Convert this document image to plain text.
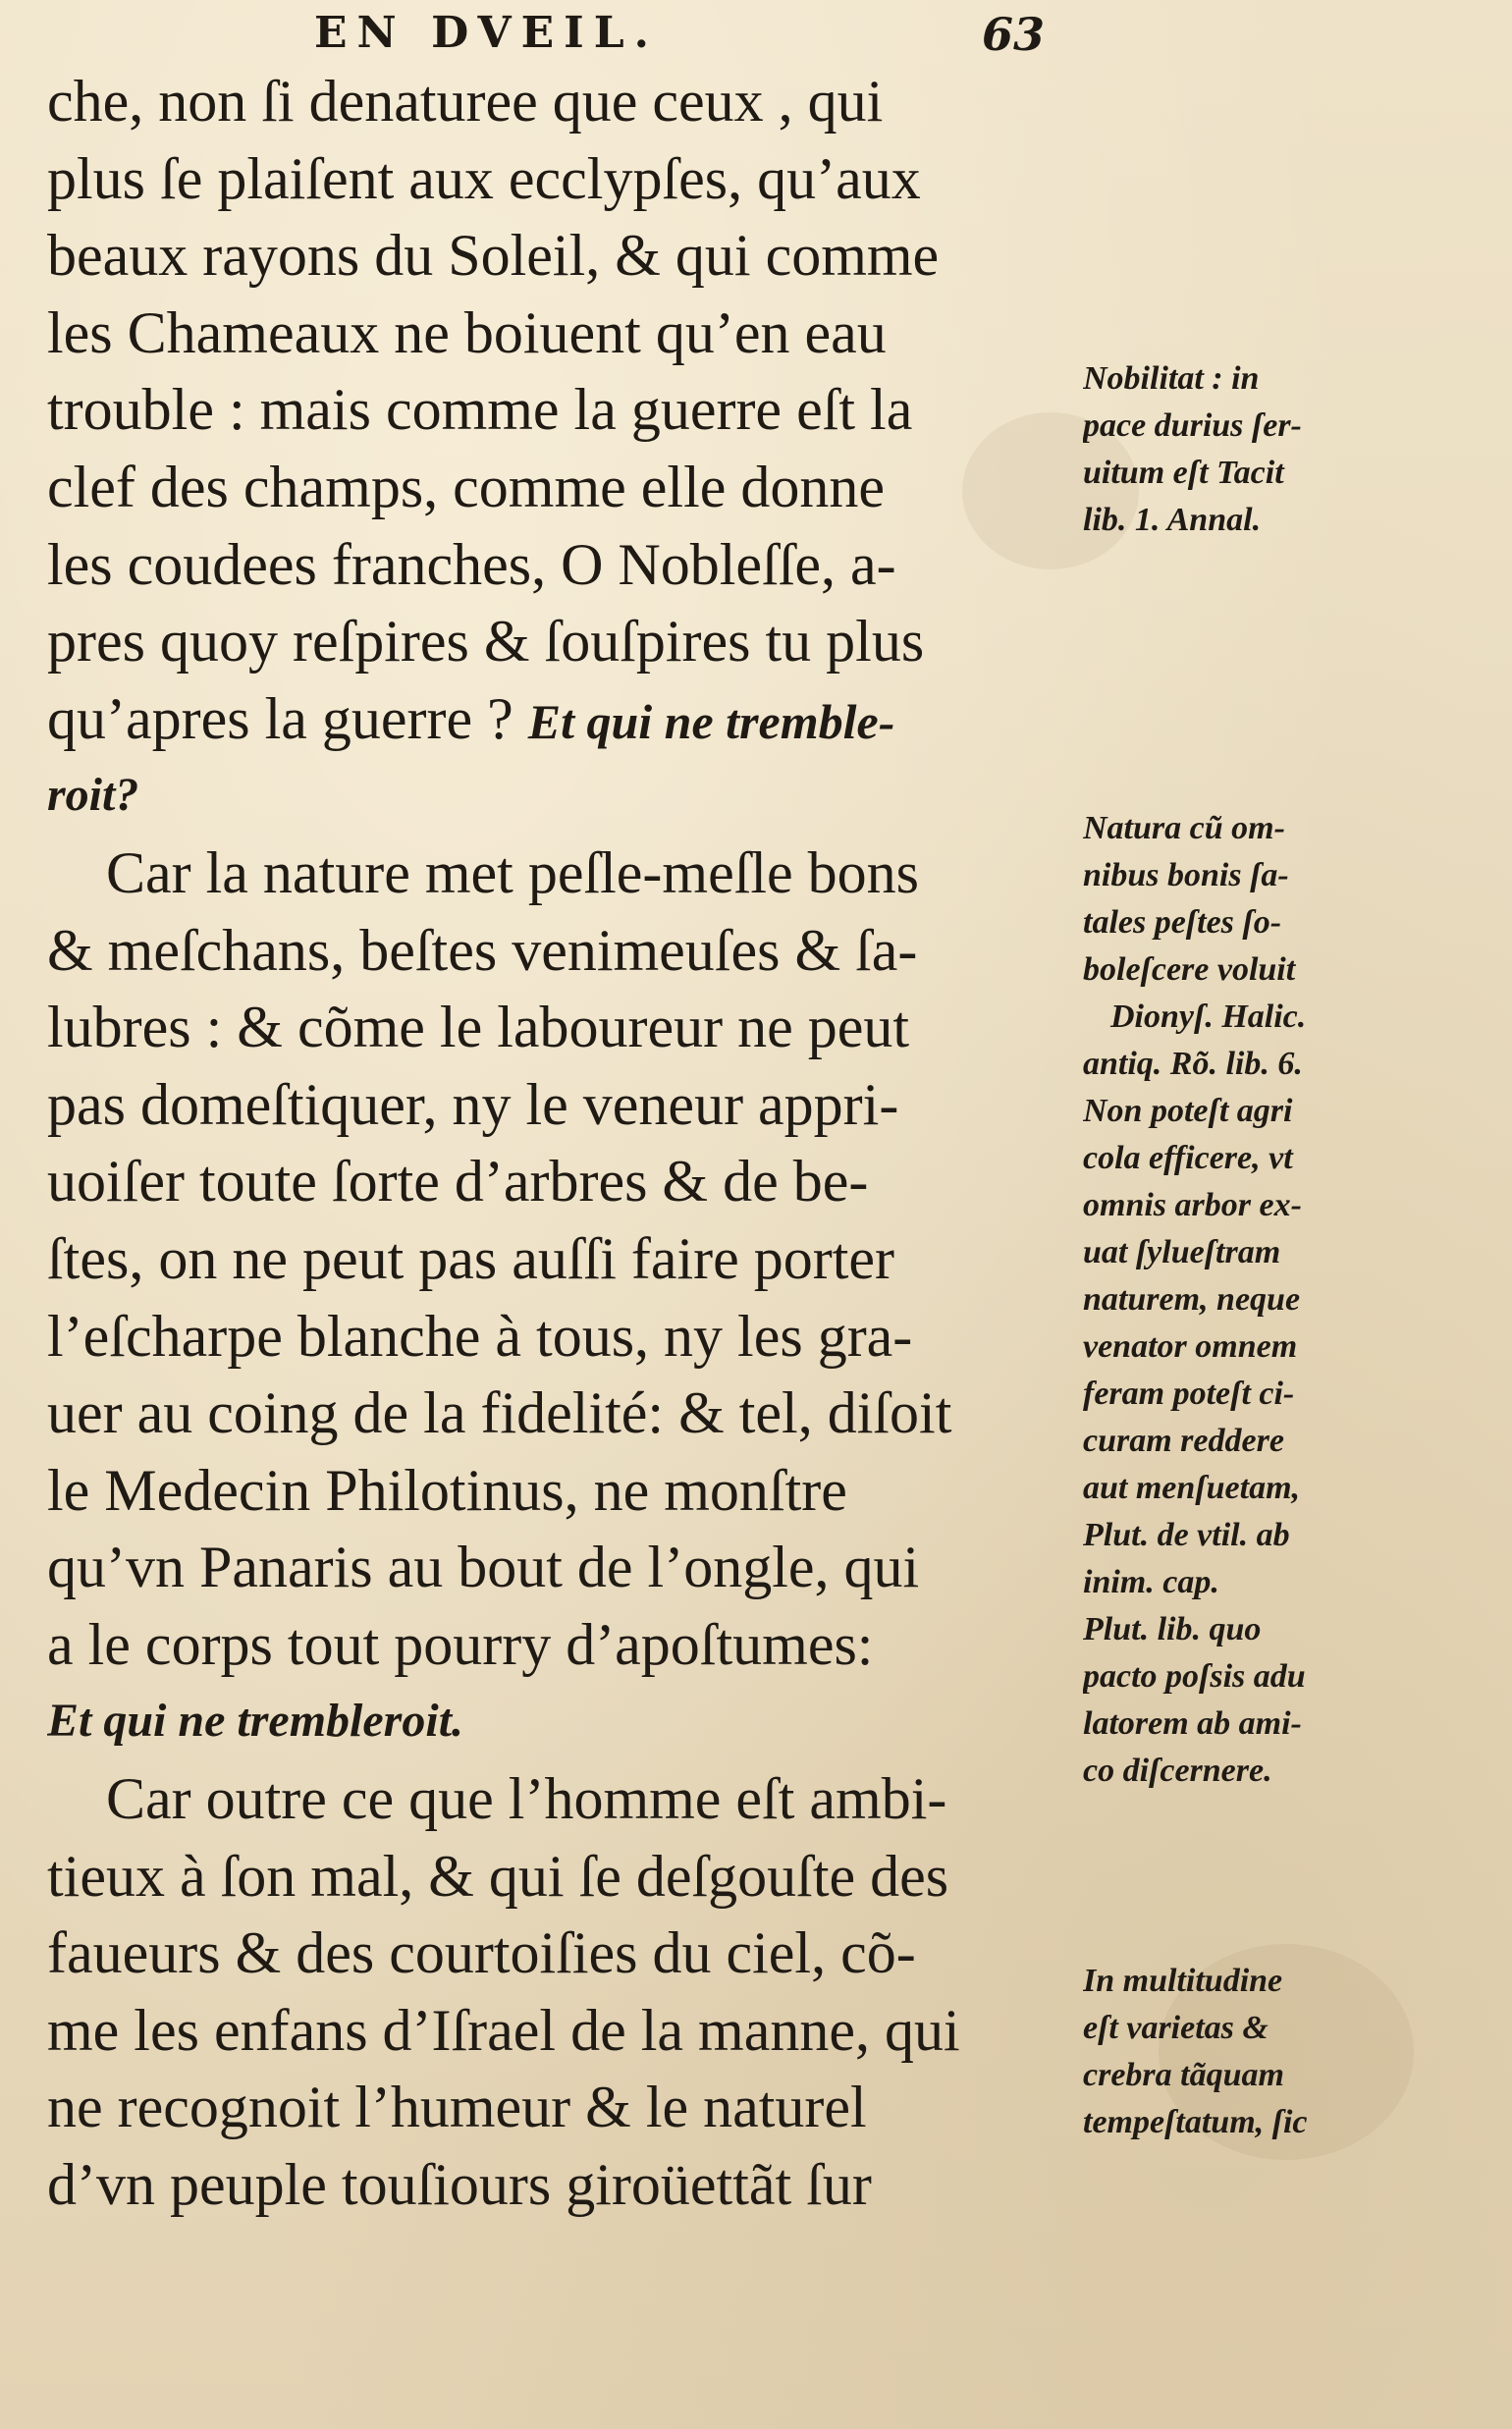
EN DVEIL.	63
che, non ſi denaturee que ceux , qui
plus ſe plaiſent aux ecclypſes, qu’aux
beaux rayons du Soleil, & qui comme
les Chameaux ne boiuent qu’en eau
trouble : mais comme la guerre eſt la
clef des champs, comme elle donne
les coudees franches, O Nobleſſe, a-
pres quoy reſpires & ſouſpires tu plus
qu’apres la guerre ? Et qui ne tremble-
roit?
Car la nature met peſle-meſle bons
& meſchans, beſtes venimeuſes & ſa-
lubres : & cõme le laboureur ne peut
pas domeſtiquer, ny le veneur appri-
uoiſer toute ſorte d’arbres & de be-
ſtes, on ne peut pas auſſi faire porter
l’eſcharpe blanche à tous, ny les gra-
uer au coing de la fidelité: & tel, diſoit
le Medecin Philotinus, ne monſtre
qu’vn Panaris au bout de l’ongle, qui
a le corps tout pourry d’apoſtumes:
Et qui ne trembleroit.
Car outre ce que l’homme eſt ambi-
tieux à ſon mal, & qui ſe deſgouſte des
faueurs & des courtoiſies du ciel, cõ-
me les enfans d’Iſrael de la manne, qui
ne recognoit l’humeur & le naturel
d’vn peuple touſiours giroüettãt ſur
Nobilitat : in
pace durius ſer-
uitum eſt Tacit
lib. 1. Annal.
Natura cũ om-
nibus bonis ſa-
tales peſtes ſo-
boleſcere voluit
Dionyſ. Halic.
antiq. Rõ. lib. 6.
Non poteſt agri
cola efficere, vt
omnis arbor ex-
uat ſylueſtram
naturem, neque
venator omnem
feram poteſt ci-
curam reddere
aut menſuetam,
Plut. de vtil. ab
inim. cap.
Plut. lib. quo
pacto poſsis adu
latorem ab ami-
co diſcernere.
In multitudine
eſt varietas &
crebra tãquam
tempeſtatum, ſic
